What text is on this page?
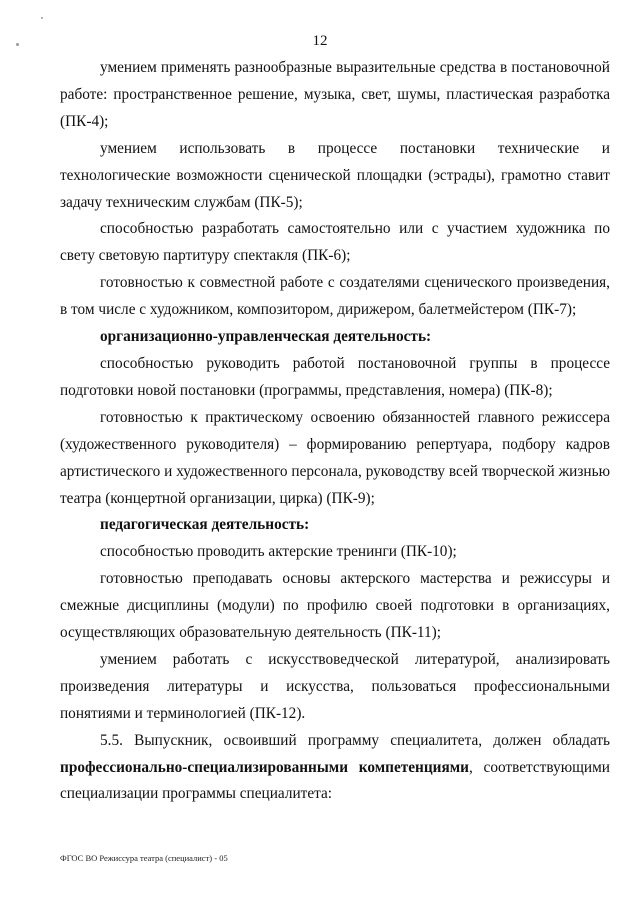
12

умением применять разнообразные выразительные средства в постановочной работе: пространственное решение, музыка, свет, шумы, пластическая разработка (ПК-4);

умением использовать в процессе постановки технические и технологические возможности сценической площадки (эстрады), грамотно ставит задачу техническим службам (ПК-5);

способностью разработать самостоятельно или с участием художника по свету световую партитуру спектакля (ПК-6);

готовностью к совместной работе с создателями сценического произведения, в том числе с художником, композитором, дирижером, балетмейстером (ПК-7);

организационно-управленческая деятельность:

способностью руководить работой постановочной группы в процессе подготовки новой постановки (программы, представления, номера) (ПК-8);

готовностью к практическому освоению обязанностей главного режиссера (художественного руководителя) – формированию репертуара, подбору кадров артистического и художественного персонала, руководству всей творческой жизнью театра (концертной организации, цирка) (ПК-9);

педагогическая деятельность:

способностью проводить актерские тренинги (ПК-10);

готовностью преподавать основы актерского мастерства и режиссуры и смежные дисциплины (модули) по профилю своей подготовки в организациях, осуществляющих образовательную деятельность (ПК-11);

умением работать с искусствоведческой литературой, анализировать произведения литературы и искусства, пользоваться профессиональными понятиями и терминологией (ПК-12).

5.5. Выпускник, освоивший программу специалитета, должен обладать профессионально-специализированными компетенциями, соответствующими специализации программы специалитета:

ФГОС ВО Режиссура театра (специалист) - 05
